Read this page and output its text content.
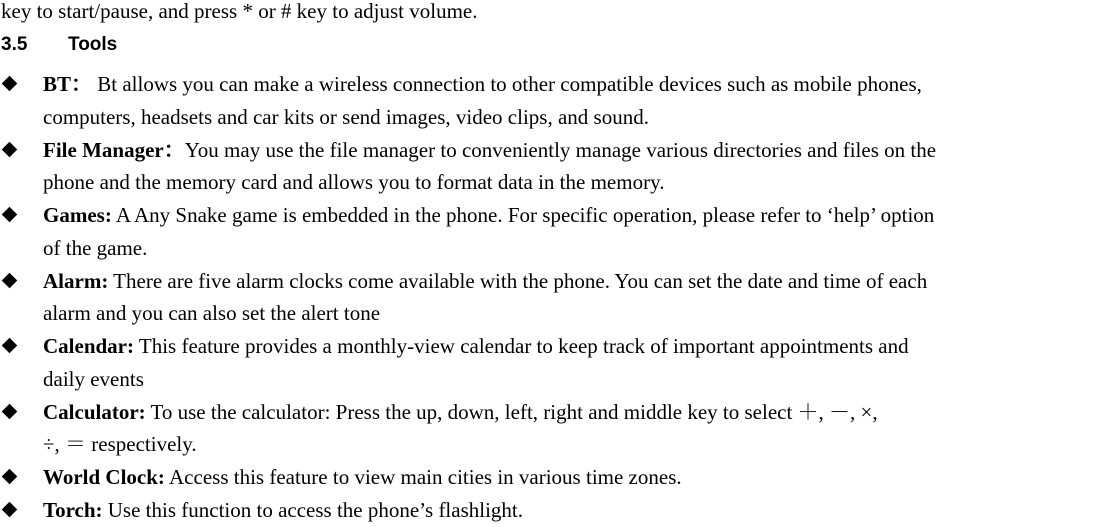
key to start/pause, and press * or # key to adjust volume.
3.5 Tools
BT： Bt allows you can make a wireless connection to other compatible devices such as mobile phones,
computers, headsets and car kits or send images, video clips, and sound.
File Manager：You may use the file manager to conveniently manage various directories and files on the
phone and the memory card and allows you to format data in the memory.
Games: A Any Snake game is embedded in the phone. For specific operation, please refer to ‘help’ option
of the game.
Alarm: There are five alarm clocks come available with the phone. You can set the date and time of each
alarm and you can also set the alert tone
Calendar: This feature provides a monthly-view calendar to keep track of important appointments and
daily events
Calculator: To use the calculator: Press the up, down, left, right and middle key to select ＋, －, ×,
÷, ＝ respectively.
World Clock: Access this feature to view main cities in various time zones.
Torch: Use this function to access the phone’s flashlight.
